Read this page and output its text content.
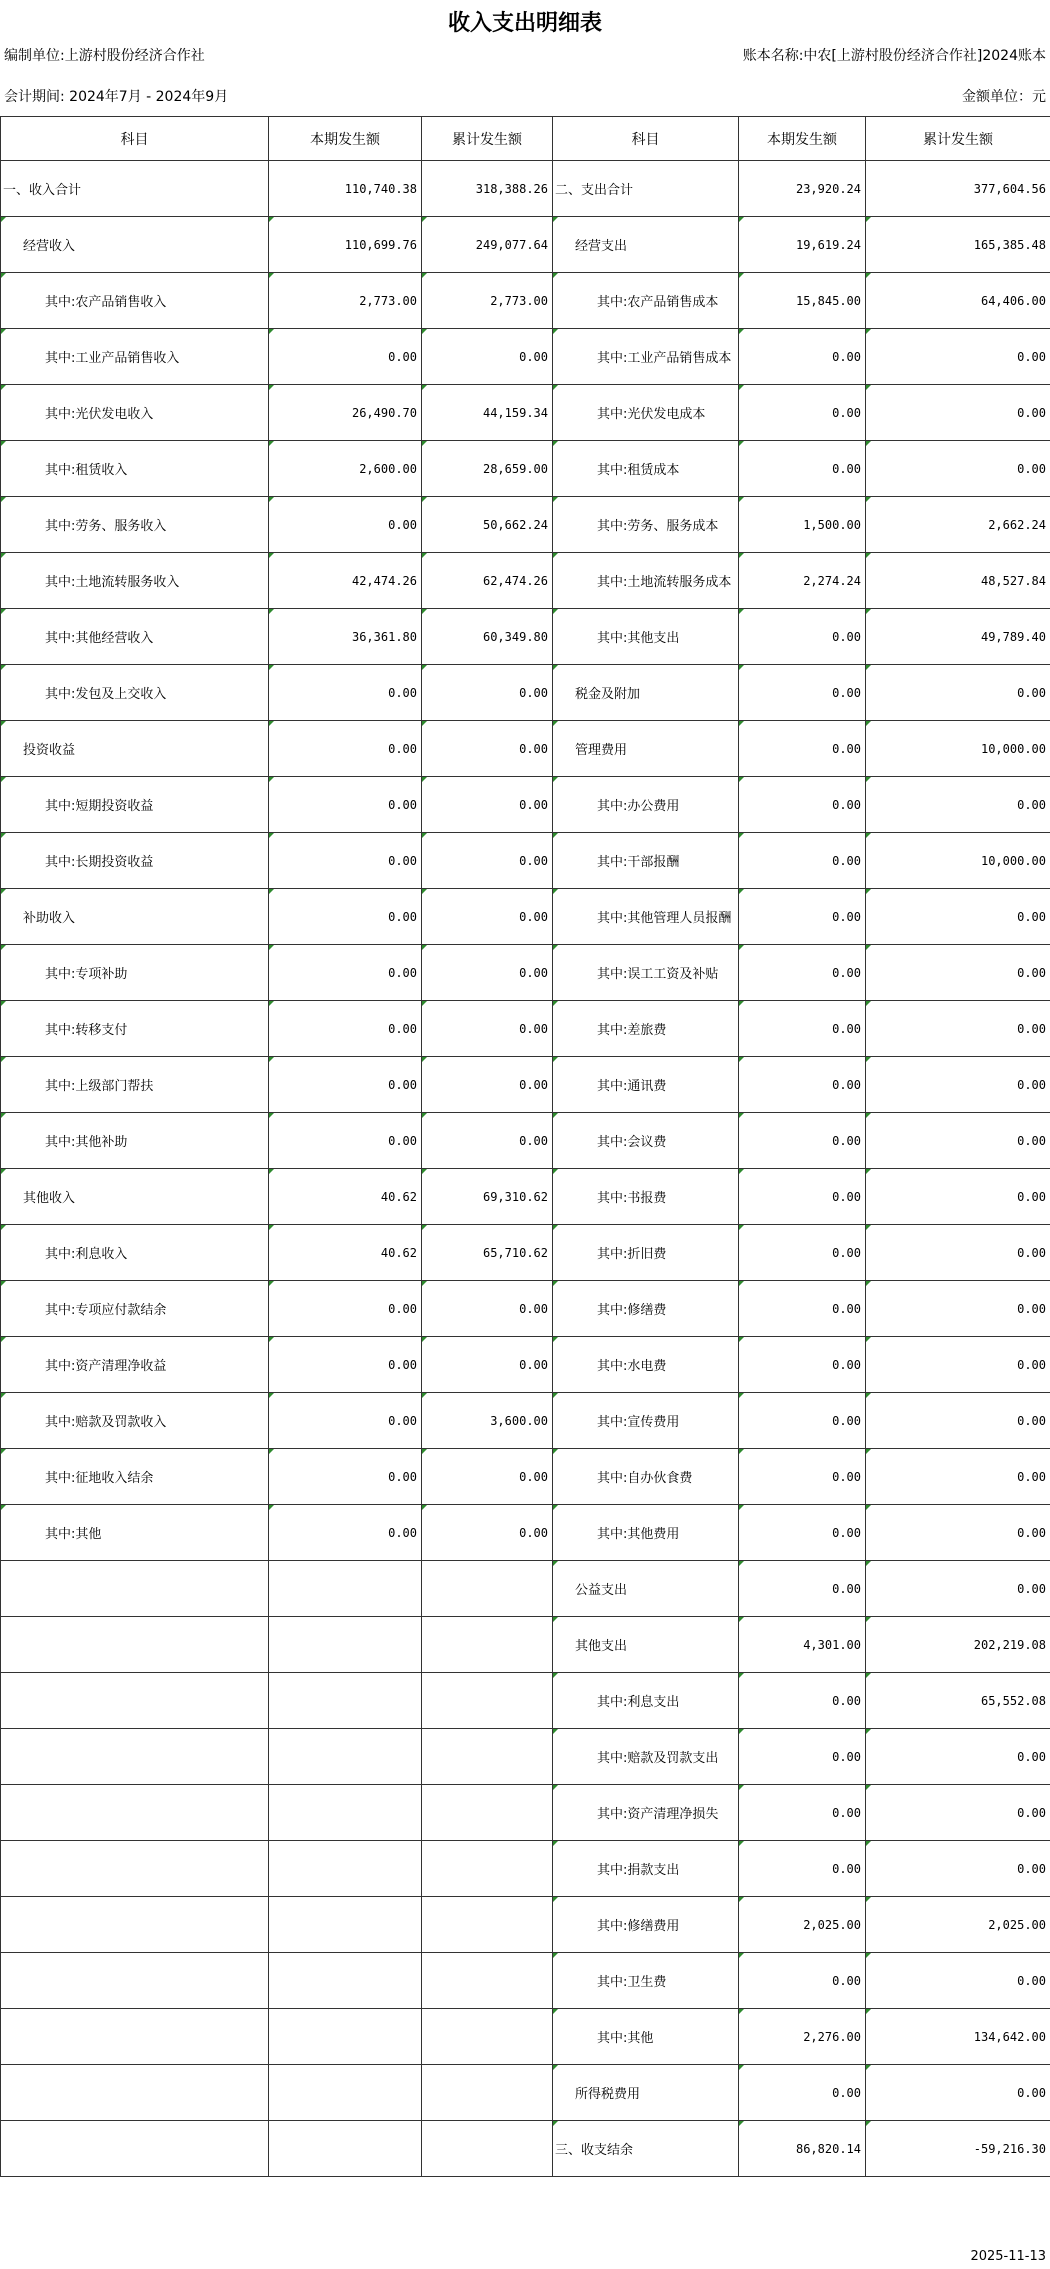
收入支出明细表
编制单位:上游村股份经济合作社	账本名称:中农[上游村股份经济合作社]2024账本
会计期间: 2024年7月 - 2024年9月	金额单位：元
科目	本期发生额	累计发生额	科目	本期发生额	累计发生额
一、收入合计	110,740.38	318,388.26	二、支出合计	23,920.24	377,604.56
经营收入	110,699.76	249,077.64	经营支出	19,619.24	165,385.48
其中:农产品销售收入	2,773.00	2,773.00	其中:农产品销售成本	15,845.00	64,406.00
其中:工业产品销售收入	0.00	0.00	其中:工业产品销售成本	0.00	0.00
其中:光伏发电收入	26,490.70	44,159.34	其中:光伏发电成本	0.00	0.00
其中:租赁收入	2,600.00	28,659.00	其中:租赁成本	0.00	0.00
其中:劳务、服务收入	0.00	50,662.24	其中:劳务、服务成本	1,500.00	2,662.24
其中:土地流转服务收入	42,474.26	62,474.26	其中:土地流转服务成本	2,274.24	48,527.84
其中:其他经营收入	36,361.80	60,349.80	其中:其他支出	0.00	49,789.40
其中:发包及上交收入	0.00	0.00	税金及附加	0.00	0.00
投资收益	0.00	0.00	管理费用	0.00	10,000.00
其中:短期投资收益	0.00	0.00	其中:办公费用	0.00	0.00
其中:长期投资收益	0.00	0.00	其中:干部报酬	0.00	10,000.00
补助收入	0.00	0.00	其中:其他管理人员报酬	0.00	0.00
其中:专项补助	0.00	0.00	其中:误工工资及补贴	0.00	0.00
其中:转移支付	0.00	0.00	其中:差旅费	0.00	0.00
其中:上级部门帮扶	0.00	0.00	其中:通讯费	0.00	0.00
其中:其他补助	0.00	0.00	其中:会议费	0.00	0.00
其他收入	40.62	69,310.62	其中:书报费	0.00	0.00
其中:利息收入	40.62	65,710.62	其中:折旧费	0.00	0.00
其中:专项应付款结余	0.00	0.00	其中:修缮费	0.00	0.00
其中:资产清理净收益	0.00	0.00	其中:水电费	0.00	0.00
其中:赔款及罚款收入	0.00	3,600.00	其中:宣传费用	0.00	0.00
其中:征地收入结余	0.00	0.00	其中:自办伙食费	0.00	0.00
其中:其他	0.00	0.00	其中:其他费用	0.00	0.00
			公益支出	0.00	0.00
			其他支出	4,301.00	202,219.08
			其中:利息支出	0.00	65,552.08
			其中:赔款及罚款支出	0.00	0.00
			其中:资产清理净损失	0.00	0.00
			其中:捐款支出	0.00	0.00
			其中:修缮费用	2,025.00	2,025.00
			其中:卫生费	0.00	0.00
			其中:其他	2,276.00	134,642.00
			所得税费用	0.00	0.00
			三、收支结余	86,820.14	-59,216.30
2025-11-13
